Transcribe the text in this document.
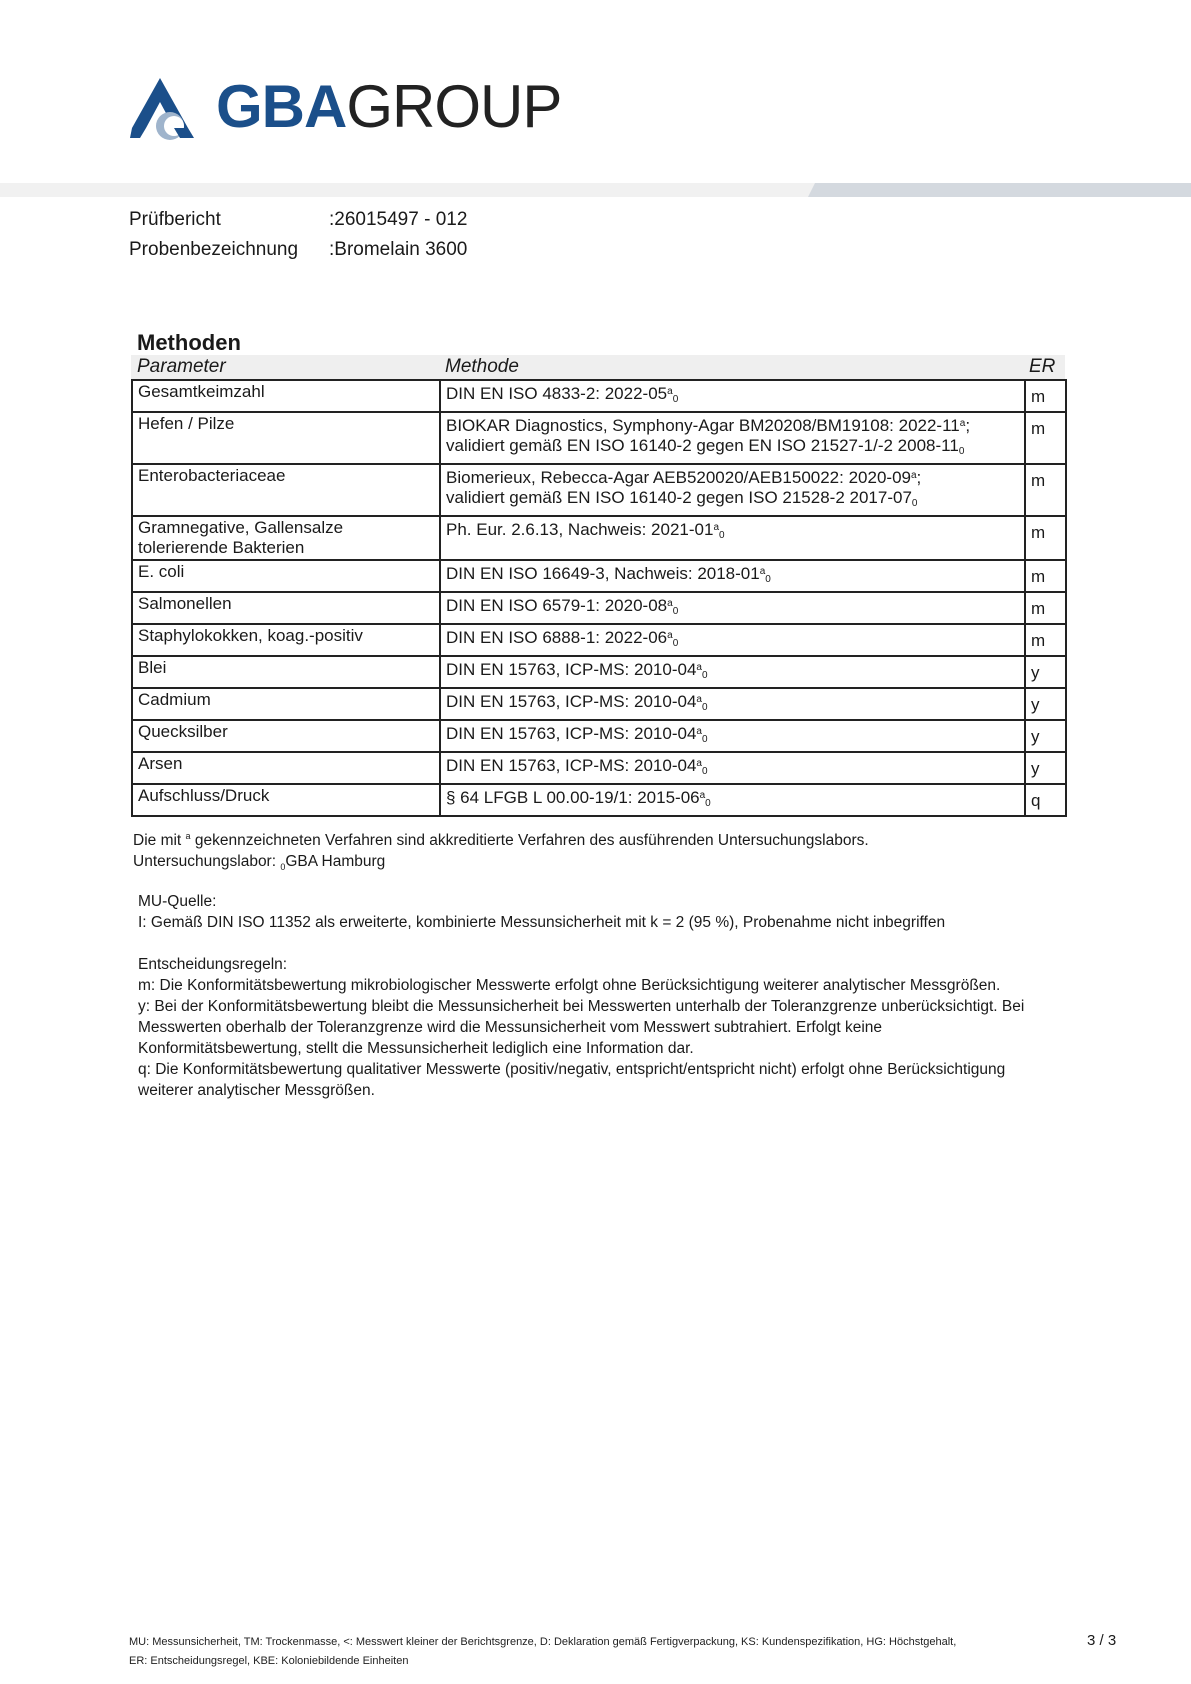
GBAGROUP
Prüfbericht	:26015497 - 012
Probenbezeichnung :Bromelain 3600
Methoden
Parameter	Methode	ER
Gesamtkeimzahl	DIN EN ISO 4833-2: $2022-05^a_0$	m

Hefen / Pilze	BIOKAR Diagnostics, Symphony-Agar BM20208/BM19108: 2022-11$^a$;
validiert gemäß EN ISO 16140-2 gegen EN ISO 21527-1/-2 $2008-11_0$	m

Enterobacteriaceae	Biomerieux, Rebecca-Agar AEB520020/AEB150022: 2020-09$^a$;
validiert gemäß EN ISO 16140-2 gegen ISO 21528-2 $2017-07_0$	m

Gramnegative, Gallensalze
tolerierende Bakterien	Ph. Eur. 2.6.13, Nachweis: $2021-01^a_0$	m

E. coli	DIN EN ISO 16649-3, Nachweis: $2018-01^a_0$	m

Salmonellen	DIN EN ISO 6579-1: $2020-08^a_0$	m

Staphylokokken, koag.-positiv	DIN EN ISO 6888-1: $2022-06^a_0$	m

Blei	DIN EN 15763, ICP-MS: $2010-04^a_0$	y

Cadmium	DIN EN 15763, ICP-MS: $2010-04^a_0$	y

Quecksilber	DIN EN 15763, ICP-MS: $2010-04^a_0$	y

Arsen	DIN EN 15763, ICP-MS: $2010-04^a_0$	y

Aufschluss/Druck	§ 64 LFGB L 00.00-19/1: $2015-06^a_0$	q
Die mit $^a$ gekennzeichneten Verfahren sind akkreditierte Verfahren des ausführenden Untersuchungslabors.
Untersuchungslabor: $_0$GBA Hamburg
MU-Quelle:
I: Gemäß DIN ISO 11352 als erweiterte, kombinierte Messunsicherheit mit k = 2 (95 %), Probenahme nicht inbegriffen
Entscheidungsregeln:
m: Die Konformitätsbewertung mikrobiologischer Messwerte erfolgt ohne Berücksichtigung weiterer analytischer Messgrößen.
y: Bei der Konformitätsbewertung bleibt die Messunsicherheit bei Messwerten unterhalb der Toleranzgrenze unberücksichtigt. Bei
Messwerten oberhalb der Toleranzgrenze wird die Messunsicherheit vom Messwert subtrahiert. Erfolgt keine
Konformitätsbewertung, stellt die Messunsicherheit lediglich eine Information dar.
q: Die Konformitätsbewertung qualitativer Messwerte (positiv/negativ, entspricht/entspricht nicht) erfolgt ohne Berücksichtigung
weiterer analytischer Messgrößen.
MU: Messunsicherheit, TM: Trockenmasse, <: Messwert kleiner der Berichtsgrenze, D: Deklaration gemäß Fertigverpackung, KS: Kundenspezifikation, HG: Höchstgehalt,
ER: Entscheidungsregel, KBE: Koloniebildende Einheiten
3 / 3
